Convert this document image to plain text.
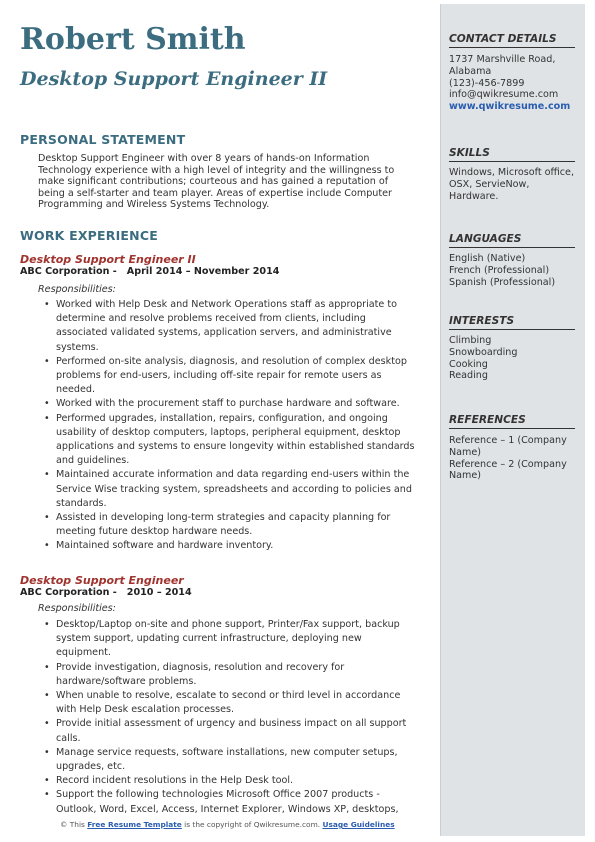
Robert Smith
Desktop Support Engineer II
PERSONAL STATEMENT
Desktop Support Engineer with over 8 years of hands-on Information Technology experience with a high level of integrity and the willingness to make significant contributions; courteous and has gained a reputation of being a self-starter and team player. Areas of expertise include Computer Programming and Wireless Systems Technology.
WORK EXPERIENCE
Desktop Support Engineer II
ABC Corporation -   April 2014 – November 2014
Responsibilities:
• Worked with Help Desk and Network Operations staff as appropriate to determine and resolve problems received from clients, including associated validated systems, application servers, and administrative systems.
• Performed on-site analysis, diagnosis, and resolution of complex desktop problems for end-users, including off-site repair for remote users as needed.
• Worked with the procurement staff to purchase hardware and software.
• Performed upgrades, installation, repairs, configuration, and ongoing usability of desktop computers, laptops, peripheral equipment, desktop applications and systems to ensure longevity within established standards and guidelines.
• Maintained accurate information and data regarding end-users within the Service Wise tracking system, spreadsheets and according to policies and standards.
• Assisted in developing long-term strategies and capacity planning for meeting future desktop hardware needs.
• Maintained software and hardware inventory.
Desktop Support Engineer
ABC Corporation -   2010 – 2014
Responsibilities:
• Desktop/Laptop on-site and phone support, Printer/Fax support, backup system support, updating current infrastructure, deploying new equipment.
• Provide investigation, diagnosis, resolution and recovery for hardware/software problems.
• When unable to resolve, escalate to second or third level in accordance with Help Desk escalation processes.
• Provide initial assessment of urgency and business impact on all support calls.
• Manage service requests, software installations, new computer setups, upgrades, etc.
• Record incident resolutions in the Help Desk tool.
• Support the following technologies Microsoft Office 2007 products - Outlook, Word, Excel, Access, Internet Explorer, Windows XP, desktops,
© This Free Resume Template is the copyright of Qwikresume.com. Usage Guidelines
CONTACT DETAILS
1737 Marshville Road,
Alabama
(123)-456-7899
info@qwikresume.com
www.qwikresume.com
SKILLS
Windows, Microsoft office, OSX, ServieNow, Hardware.
LANGUAGES
English (Native)
French (Professional)
Spanish (Professional)
INTERESTS
Climbing
Snowboarding
Cooking
Reading
REFERENCES
Reference – 1 (Company Name)
Reference – 2 (Company Name)
